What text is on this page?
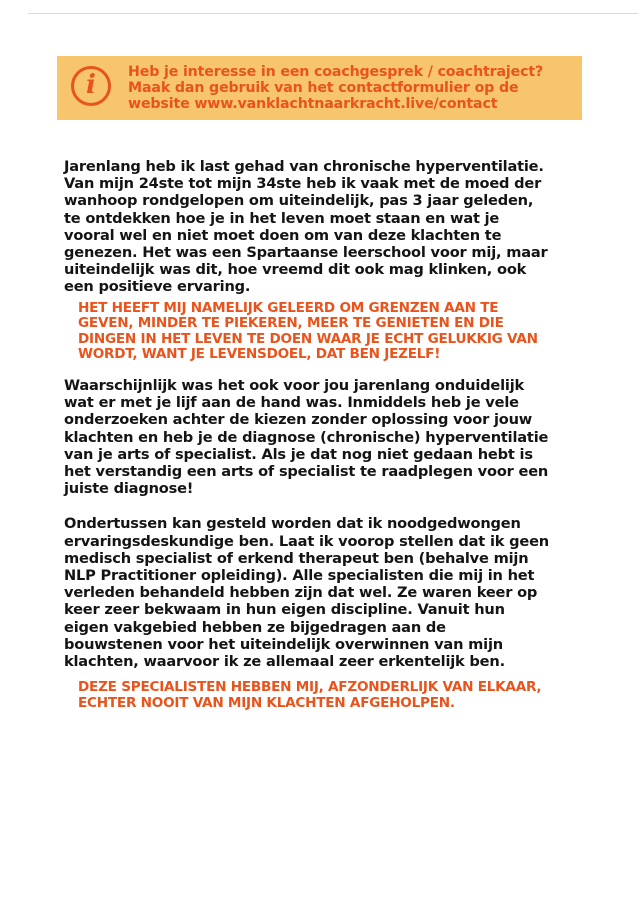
i Heb je interesse in een coachgesprek / coachtraject?
Maak dan gebruik van het contactformulier op de
website www.vanklachtnaarkracht.live/contact
Jarenlang heb ik last gehad van chronische hyperventilatie.
Van mijn 24ste tot mijn 34ste heb ik vaak met de moed der
wanhoop rondgelopen om uiteindelijk, pas 3 jaar geleden,
te ontdekken hoe je in het leven moet staan en wat je
vooral wel en niet moet doen om van deze klachten te
genezen. Het was een Spartaanse leerschool voor mij, maar
uiteindelijk was dit, hoe vreemd dit ook mag klinken, ook
een positieve ervaring.
HET HEEFT MIJ NAMELIJK GELEERD OM GRENZEN AAN TE
GEVEN, MINDER TE PIEKEREN, MEER TE GENIETEN EN DIE
DINGEN IN HET LEVEN TE DOEN WAAR JE ECHT GELUKKIG VAN
WORDT, WANT JE LEVENSDOEL, DAT BEN JEZELF!
Waarschijnlijk was het ook voor jou jarenlang onduidelijk
wat er met je lijf aan de hand was. Inmiddels heb je vele
onderzoeken achter de kiezen zonder oplossing voor jouw
klachten en heb je de diagnose (chronische) hyperventilatie
van je arts of specialist. Als je dat nog niet gedaan hebt is
het verstandig een arts of specialist te raadplegen voor een
juiste diagnose!
Ondertussen kan gesteld worden dat ik noodgedwongen
ervaringsdeskundige ben. Laat ik voorop stellen dat ik geen
medisch specialist of erkend therapeut ben (behalve mijn
NLP Practitioner opleiding). Alle specialisten die mij in het
verleden behandeld hebben zijn dat wel. Ze waren keer op
keer zeer bekwaam in hun eigen discipline. Vanuit hun
eigen vakgebied hebben ze bijgedragen aan de
bouwstenen voor het uiteindelijk overwinnen van mijn
klachten, waarvoor ik ze allemaal zeer erkentelijk ben.
DEZE SPECIALISTEN HEBBEN MIJ, AFZONDERLIJK VAN ELKAAR,
ECHTER NOOIT VAN MIJN KLACHTEN AFGEHOLPEN.
